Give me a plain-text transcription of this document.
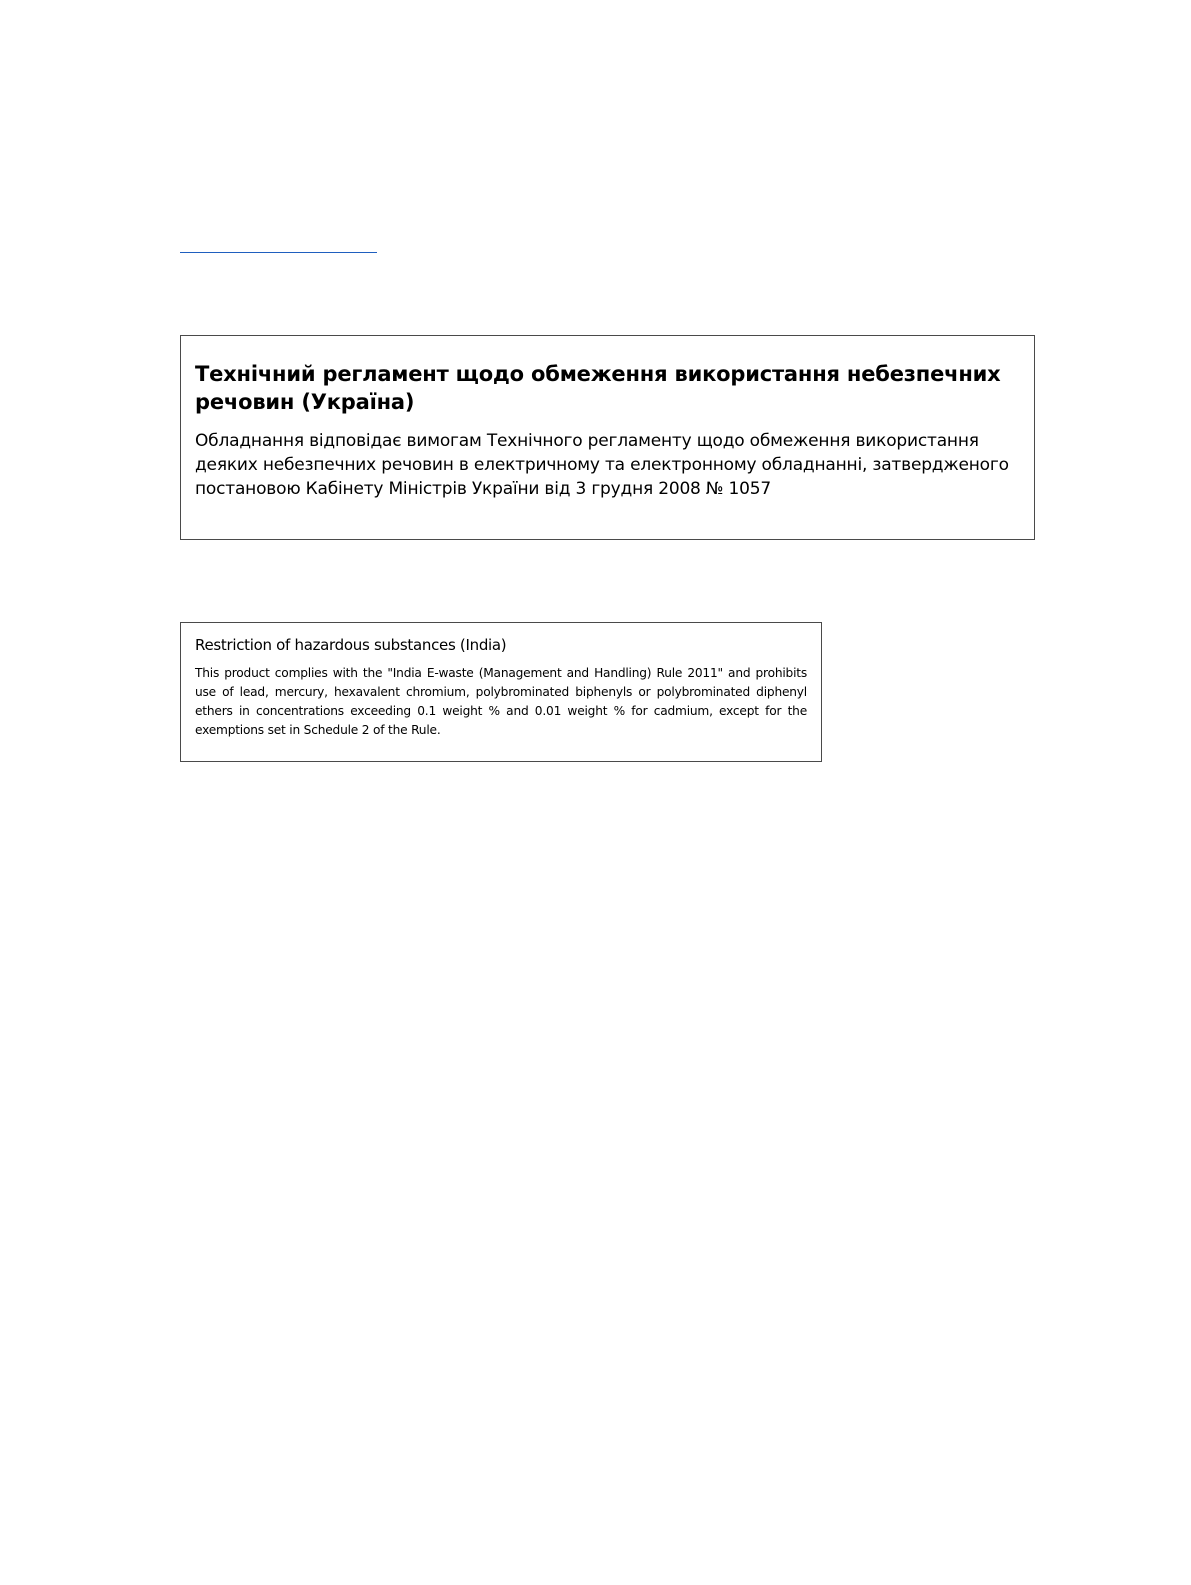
Технічний регламент щодо обмеження використання небезпечних речовин (Україна)

Обладнання відповідає вимогам Технічного регламенту щодо обмеження використання деяких небезпечних речовин в електричному та електронному обладнанні, затвердженого постановою Кабінету Міністрів України від 3 грудня 2008 № 1057

Restriction of hazardous substances (India)

This product complies with the "India E-waste (Management and Handling) Rule 2011" and prohibits use of lead, mercury, hexavalent chromium, polybrominated biphenyls or polybrominated diphenyl ethers in concentrations exceeding 0.1 weight % and 0.01 weight % for cadmium, except for the exemptions set in Schedule 2 of the Rule.
